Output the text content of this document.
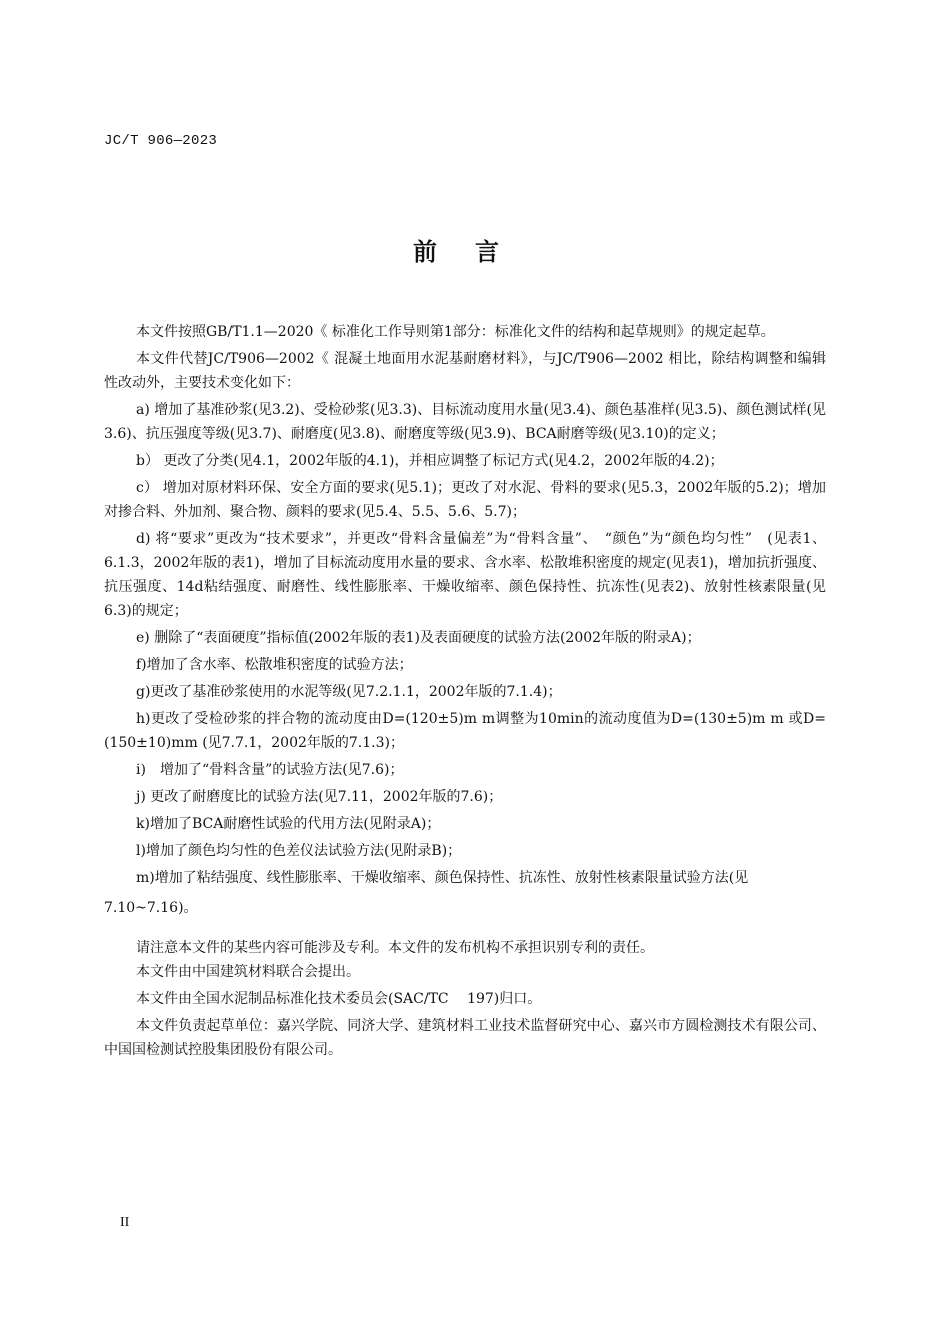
JC/T 906—2023
前言

本文件按照GB/T1.1—2020《 标准化工作导则第1部分：标准化文件的结构和起草规则》的规定起草。

本文件代替JC/T906—2002《 混凝土地面用水泥基耐磨材料》，与JC/T906—2002 相比，除结构调整和编辑性改动外，主要技术变化如下：

a) 增加了基准砂浆(见3.2)、受检砂浆(见3.3)、目标流动度用水量(见3.4)、颜色基准样(见3.5)、颜色测试样(见3.6)、抗压强度等级(见3.7)、耐磨度(见3.8)、耐磨度等级(见3.9)、BCA耐磨等级(见3.10)的定义；

b） 更改了分类(见4.1，2002年版的4.1)，并相应调整了标记方式(见4.2，2002年版的4.2)；

c） 增加对原材料环保、安全方面的要求(见5.1)；更改了对水泥、骨料的要求(见5.3，2002年版的5.2)；增加对掺合料、外加剂、聚合物、颜料的要求(见5.4、5.5、5.6、5.7)；

d) 将“要求”更改为“技术要求”，并更改“骨料含量偏差”为“骨料含量”、　“颜色”为“颜色均匀性”　(见表1、6.1.3，2002年版的表1)，增加了目标流动度用水量的要求、含水率、松散堆积密度的规定(见表1)，增加抗折强度、抗压强度、14d粘结强度、耐磨性、线性膨胀率、干燥收缩率、颜色保持性、抗冻性(见表2)、放射性核素限量(见6.3)的规定；

e) 删除了“表面硬度”指标值(2002年版的表1)及表面硬度的试验方法(2002年版的附录A)；

f)增加了含水率、松散堆积密度的试验方法；

g)更改了基准砂浆使用的水泥等级(见7.2.1.1，2002年版的7.1.4)；

h)更改了受检砂浆的拌合物的流动度由D=(120±5)m m调整为10min的流动度值为D=(130±5)m m 或D=(150±10)mm (见7.7.1，2002年版的7.1.3)；

i)　增加了“骨料含量”的试验方法(见7.6)；

j) 更改了耐磨度比的试验方法(见7.11，2002年版的7.6)；

k)增加了BCA耐磨性试验的代用方法(见附录A)；

l)增加了颜色均匀性的色差仪法试验方法(见附录B)；

m)增加了粘结强度、线性膨胀率、干燥收缩率、颜色保持性、抗冻性、放射性核素限量试验方法(见

7.10~7.16)。

请注意本文件的某些内容可能涉及专利。本文件的发布机构不承担识别专利的责任。

本文件由中国建筑材料联合会提出。

本文件由全国水泥制品标准化技术委员会(SAC/TC　 197)归口。

本文件负责起草单位：嘉兴学院、同济大学、建筑材料工业技术监督研究中心、嘉兴市方圆检测技术有限公司、中国国检测试控股集团股份有限公司。

II
